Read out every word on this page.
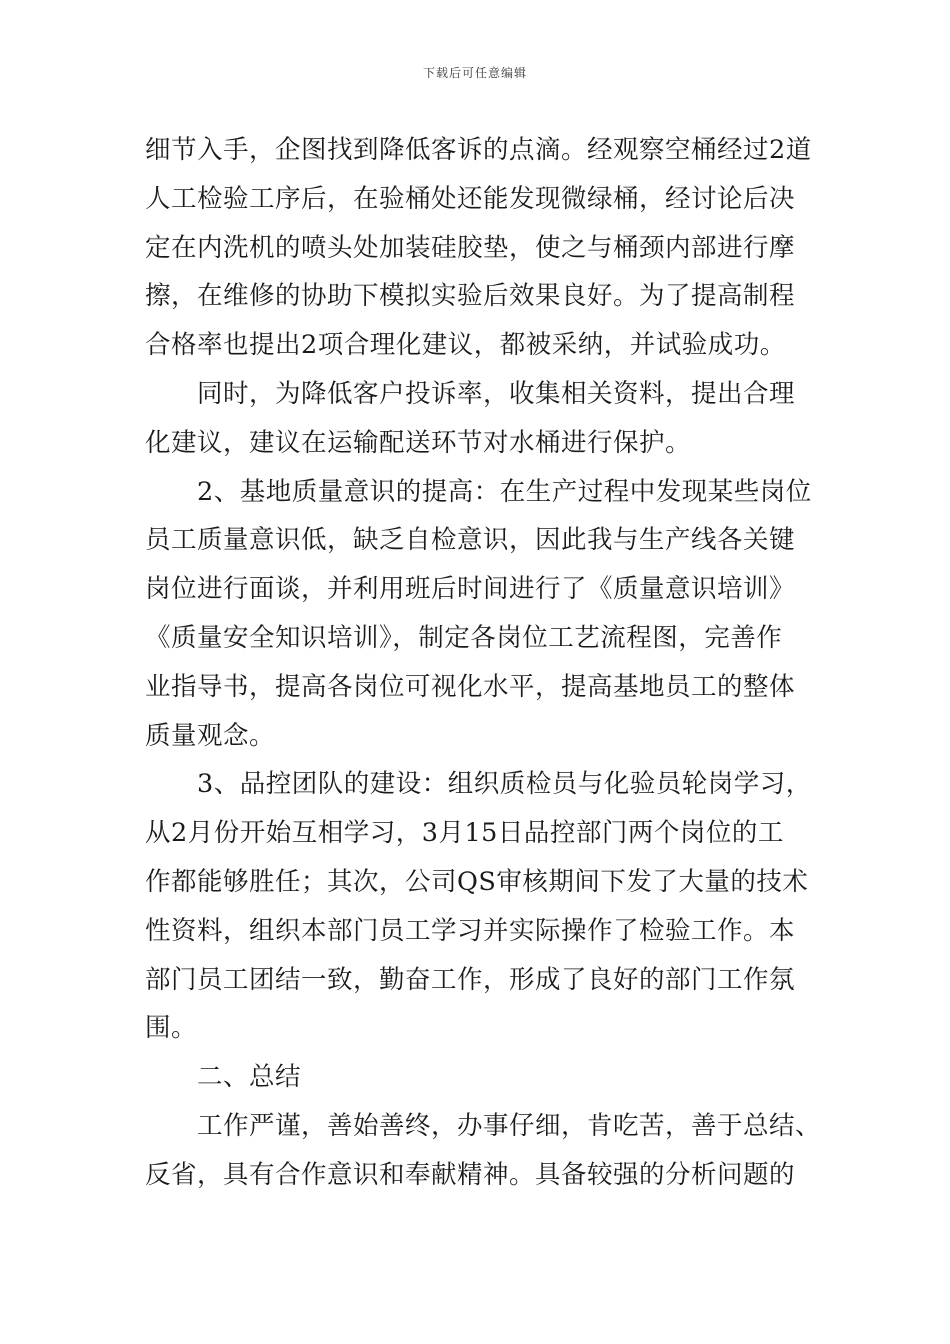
下载后可任意编辑
细节入手，企图找到降低客诉的点滴。经观察空桶经过2道
人工检验工序后，在验桶处还能发现微绿桶，经讨论后决
定在内洗机的喷头处加装硅胶垫，使之与桶颈内部进行摩
擦，在维修的协助下模拟实验后效果良好。为了提高制程
合格率也提出2项合理化建议，都被采纳，并试验成功。
同时，为降低客户投诉率，收集相关资料，提出合理
化建议，建议在运输配送环节对水桶进行保护。
2、基地质量意识的提高：在生产过程中发现某些岗位
员工质量意识低，缺乏自检意识，因此我与生产线各关键
岗位进行面谈，并利用班后时间进行了《质量意识培训》
《质量安全知识培训》，制定各岗位工艺流程图，完善作
业指导书，提高各岗位可视化水平，提高基地员工的整体
质量观念。
3、品控团队的建设：组织质检员与化验员轮岗学习，
从2月份开始互相学习，3月15日品控部门两个岗位的工
作都能够胜任；其次，公司QS审核期间下发了大量的技术
性资料，组织本部门员工学习并实际操作了检验工作。本
部门员工团结一致，勤奋工作，形成了良好的部门工作氛
围。
二、总结
工作严谨，善始善终，办事仔细，肯吃苦，善于总结、
反省，具有合作意识和奉献精神。具备较强的分析问题的
